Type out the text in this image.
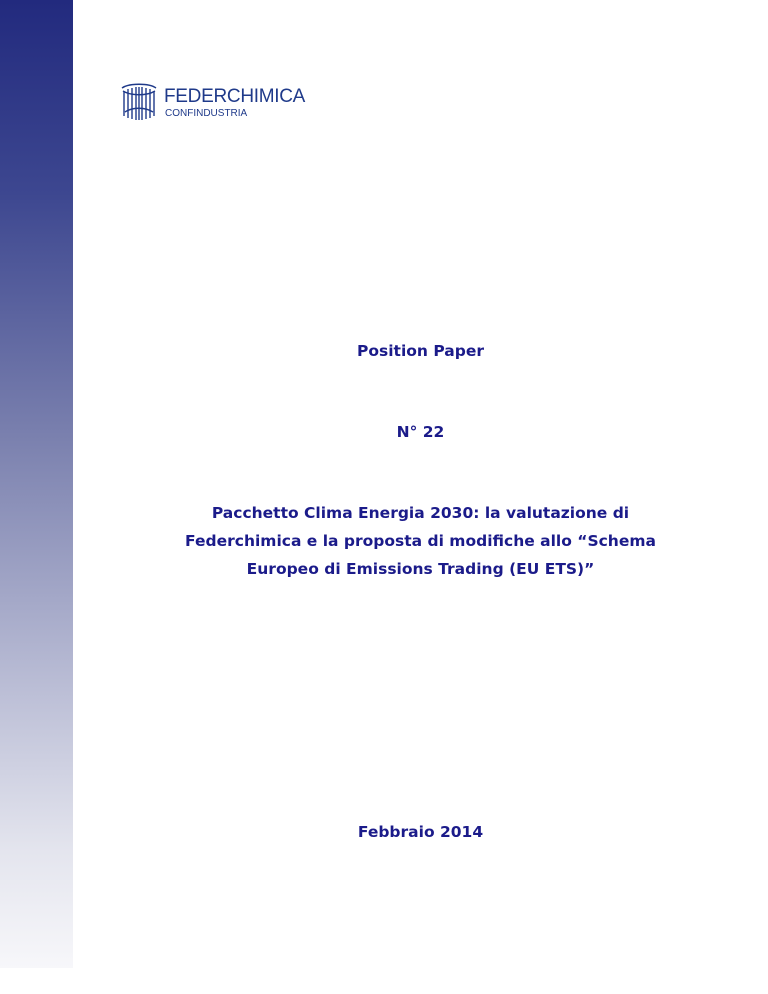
FEDERCHIMICA
CONFINDUSTRIA
Position Paper
N° 22
Pacchetto Clima Energia 2030: la valutazione di
Federchimica e la proposta di modifiche allo “Schema
Europeo di Emissions Trading (EU ETS)”
Febbraio 2014
